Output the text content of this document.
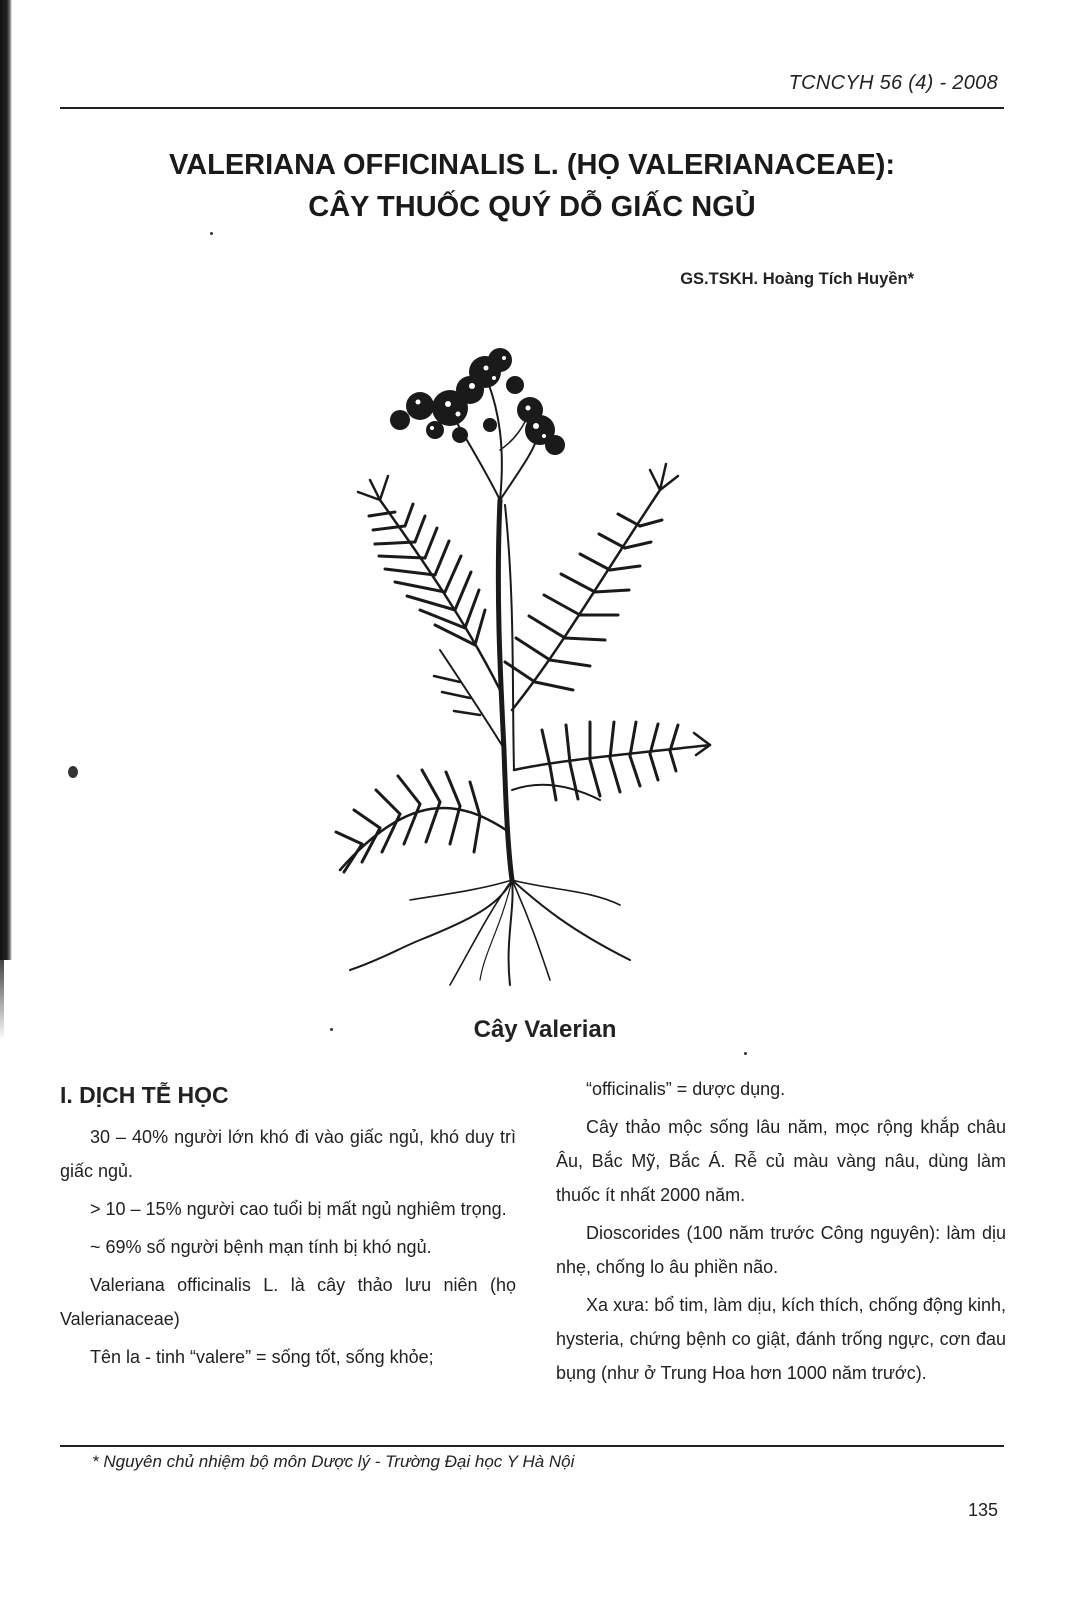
TCNCYH 56 (4) - 2008
VALERIANA OFFICINALIS L. (HỌ VALERIANACEAE):
CÂY THUỐC QUÝ DỖ GIẤC NGỦ
GS.TSKH. Hoàng Tích Huyền*
Cây Valerian
I. DỊCH TỄ HỌC

30 – 40% người lớn khó đi vào giấc ngủ, khó duy trì giấc ngủ.

> 10 – 15% người cao tuổi bị mất ngủ nghiêm trọng.

~ 69% số người bệnh mạn tính bị khó ngủ.

Valeriana officinalis L. là cây thảo lưu niên (họ Valerianaceae)

Tên la - tinh “valere” = sống tốt, sống khỏe;

“officinalis” = dược dụng.

Cây thảo mộc sống lâu năm, mọc rộng khắp châu Âu, Bắc Mỹ, Bắc Á. Rễ củ màu vàng nâu, dùng làm thuốc ít nhất 2000 năm.

Dioscorides (100 năm trước Công nguyên): làm dịu nhẹ, chống lo âu phiền não.

Xa xưa: bổ tim, làm dịu, kích thích, chống động kinh, hysteria, chứng bệnh co giật, đánh trống ngực, cơn đau bụng (như ở Trung Hoa hơn 1000 năm trước).

* Nguyên chủ nhiệm bộ môn Dược lý - Trường Đại học Y Hà Nội
135
